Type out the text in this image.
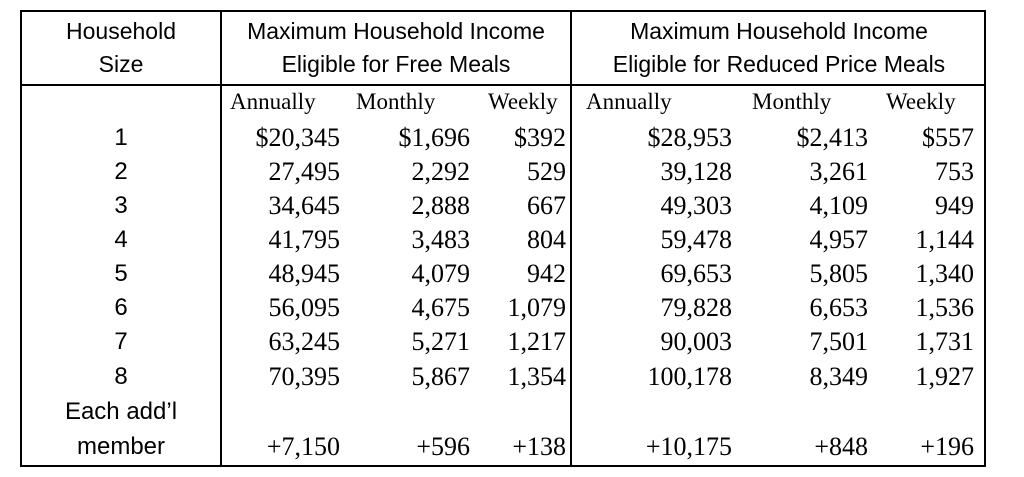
Household
Size
Maximum Household Income
Eligible for Free Meals
Maximum Household Income
Eligible for Reduced Price Meals
Annually Monthly Weekly Annually	Monthly Weekly
1	$20,345 $1,696 $392	$28,953 $2,413 $557
2	27,495	2,292 529	39,128	3,261	753
3	34,645	2,888 667	49,303	4,109	949
4	41,795	3,483 804	59,478	4,957 1,144
5	48,945	4,079 942	69,653	5,805 1,340
6	56,095	4,675 1,079	79,828	6,653 1,536
7	63,245	5,271 1,217	90,003	7,501 1,731
8	70,395	5,867 1,354	100,178	8,349 1,927
Each add’l
member	+7,150	+596 +138	+10,175	+848 +196
